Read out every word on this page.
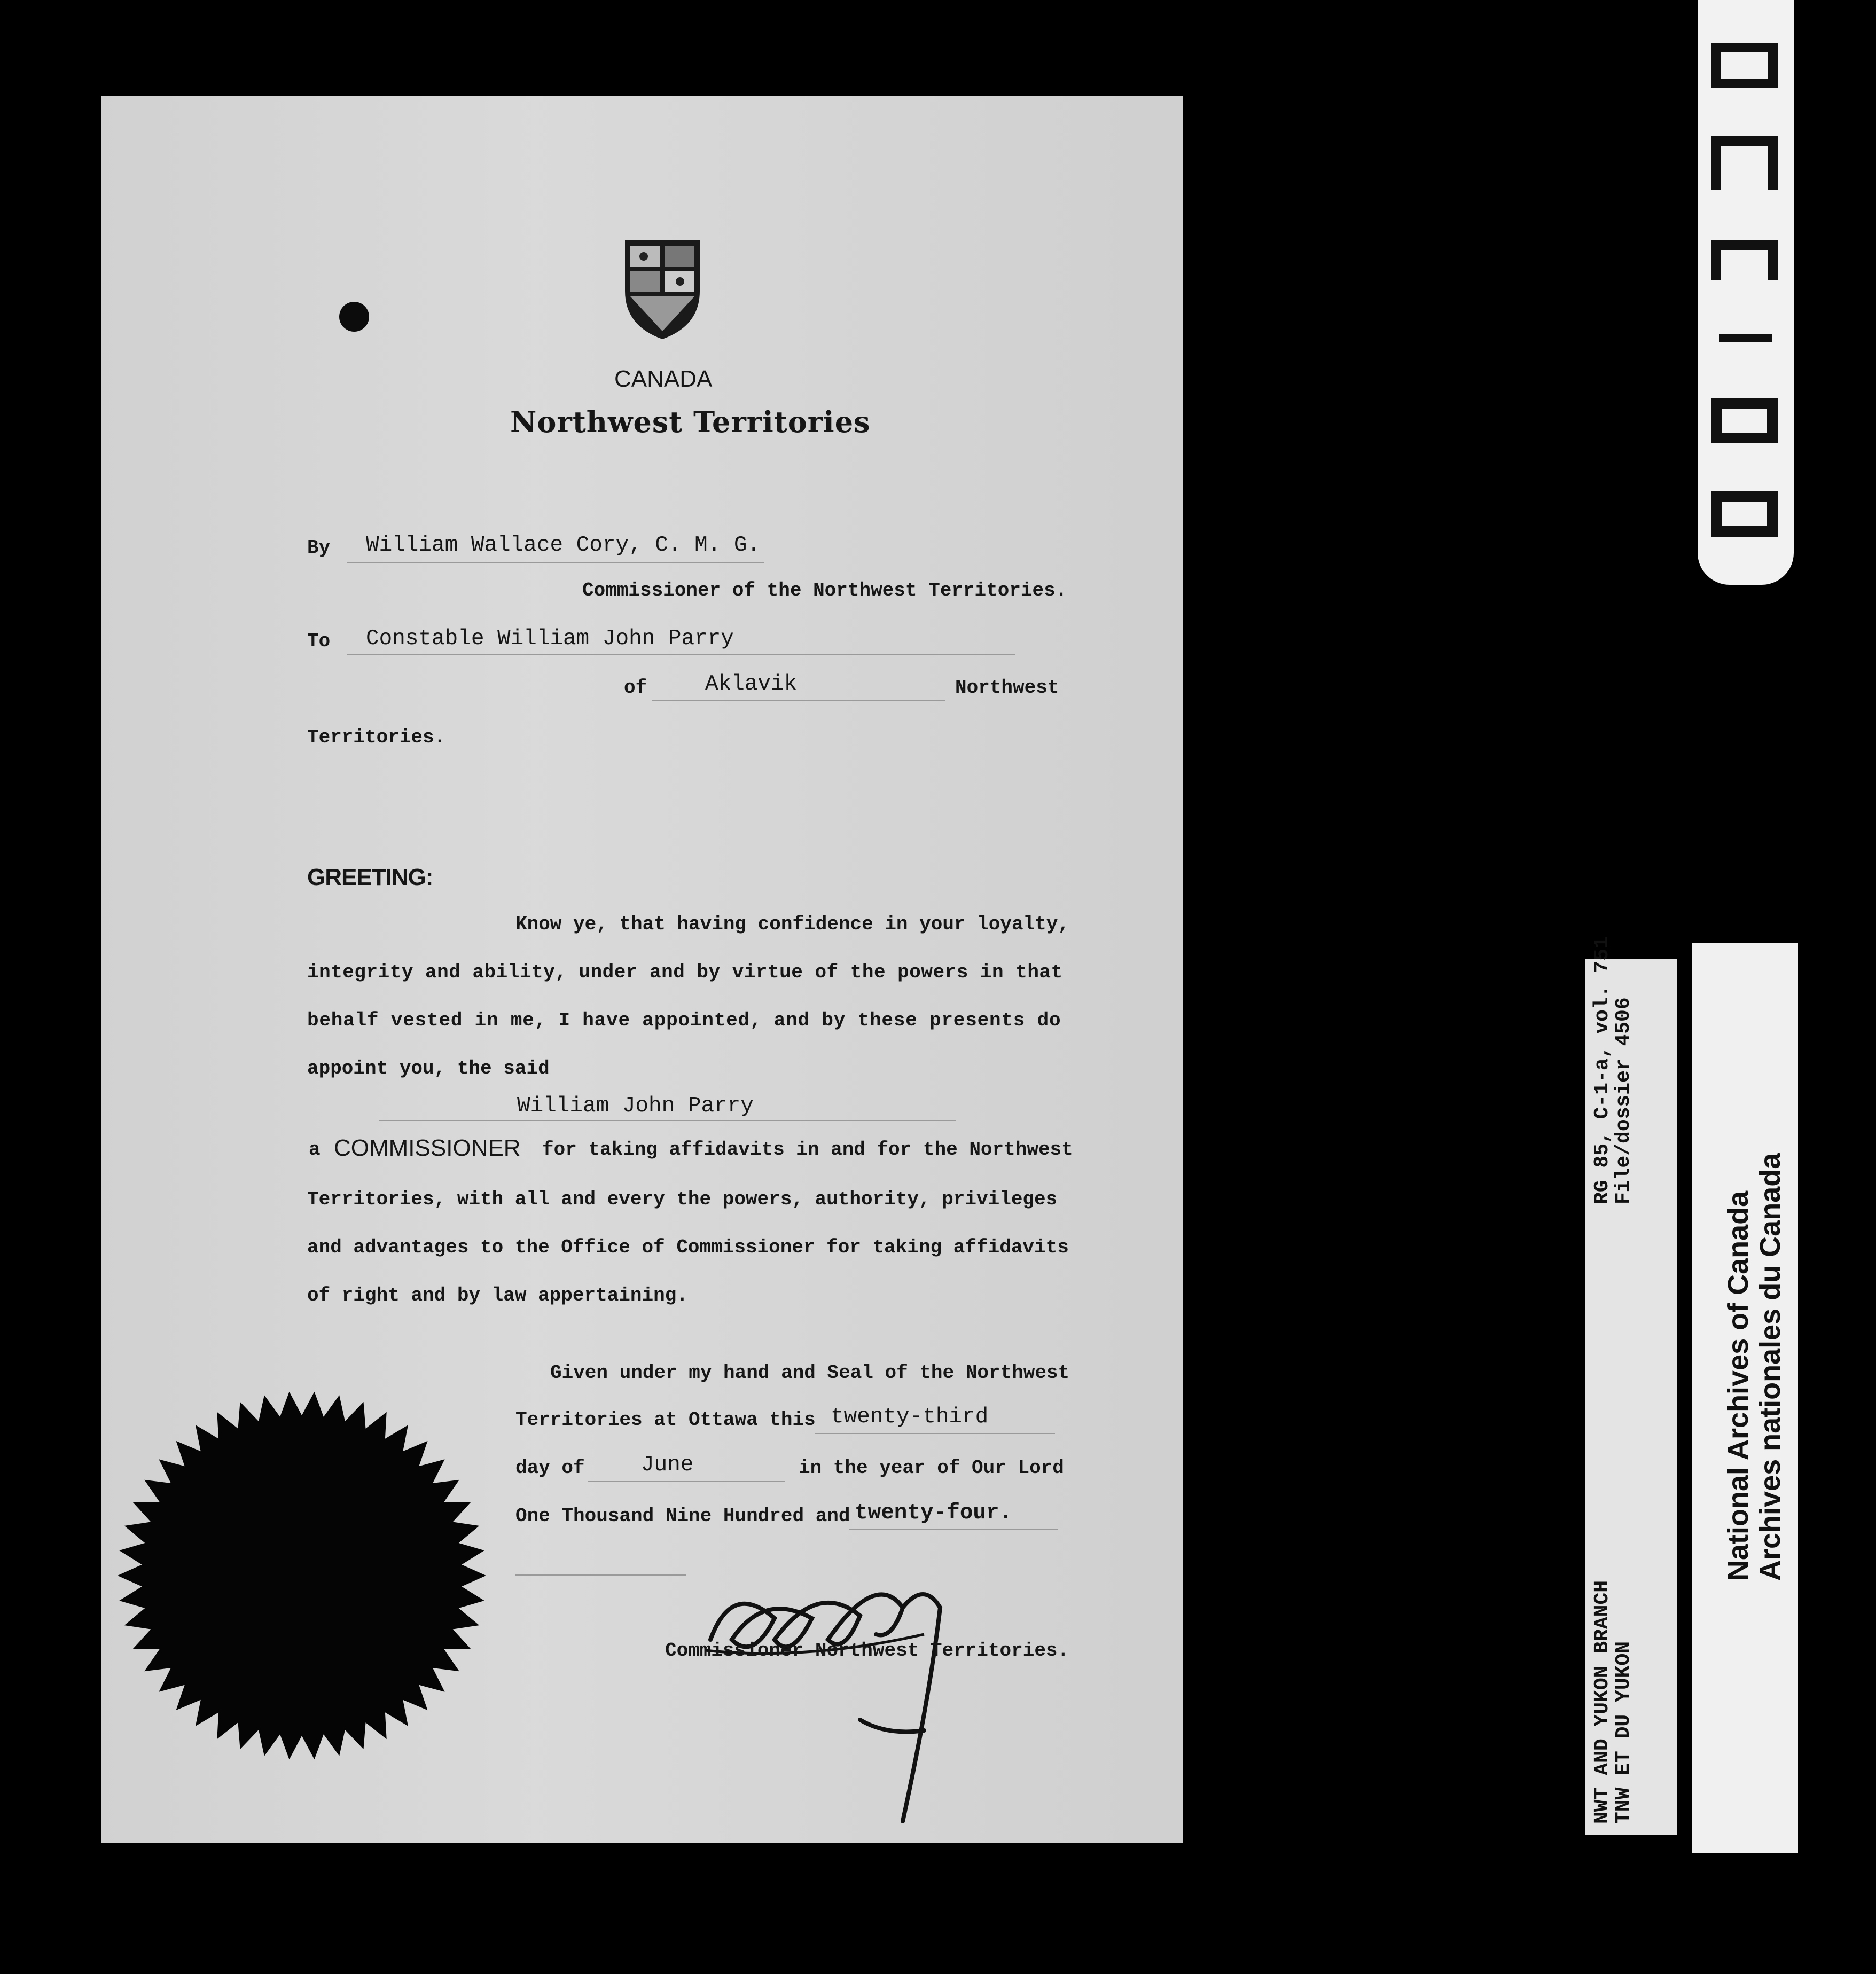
CANADA
Northwest Territories
By William Wallace Cory, C. M. G.
Commissioner of the Northwest Territories.
To Constable William John Parry
of	Aklavik	Northwest
Territories.
GREETING:
Know ye, that having confidence in your loyalty,
integrity and ability, under and by virtue of the powers in that
behalf vested in me, I have appointed, and by these presents do
appoint you, the said
William John Parry
a COMMISSIONER for taking affidavits in and for the Northwest
Territories, with all and every the powers, authority, privileges
and advantages to the Office of Commissioner for taking affidavits
of right and by law appertaining.
Given under my hand and Seal of the Northwest
Territories at Ottawa this twenty-third
day of	June	in the year of Our Lord
One Thousand Nine Hundred and twenty-four.
Commissioner Northwest Territories.	NWT AND YUKON BRANCH
TNW ET DU YUKON
RG 85, C-1-a, vol. 751
File/dossier 4506
National Archives of Canada Archives nationales du Canada
